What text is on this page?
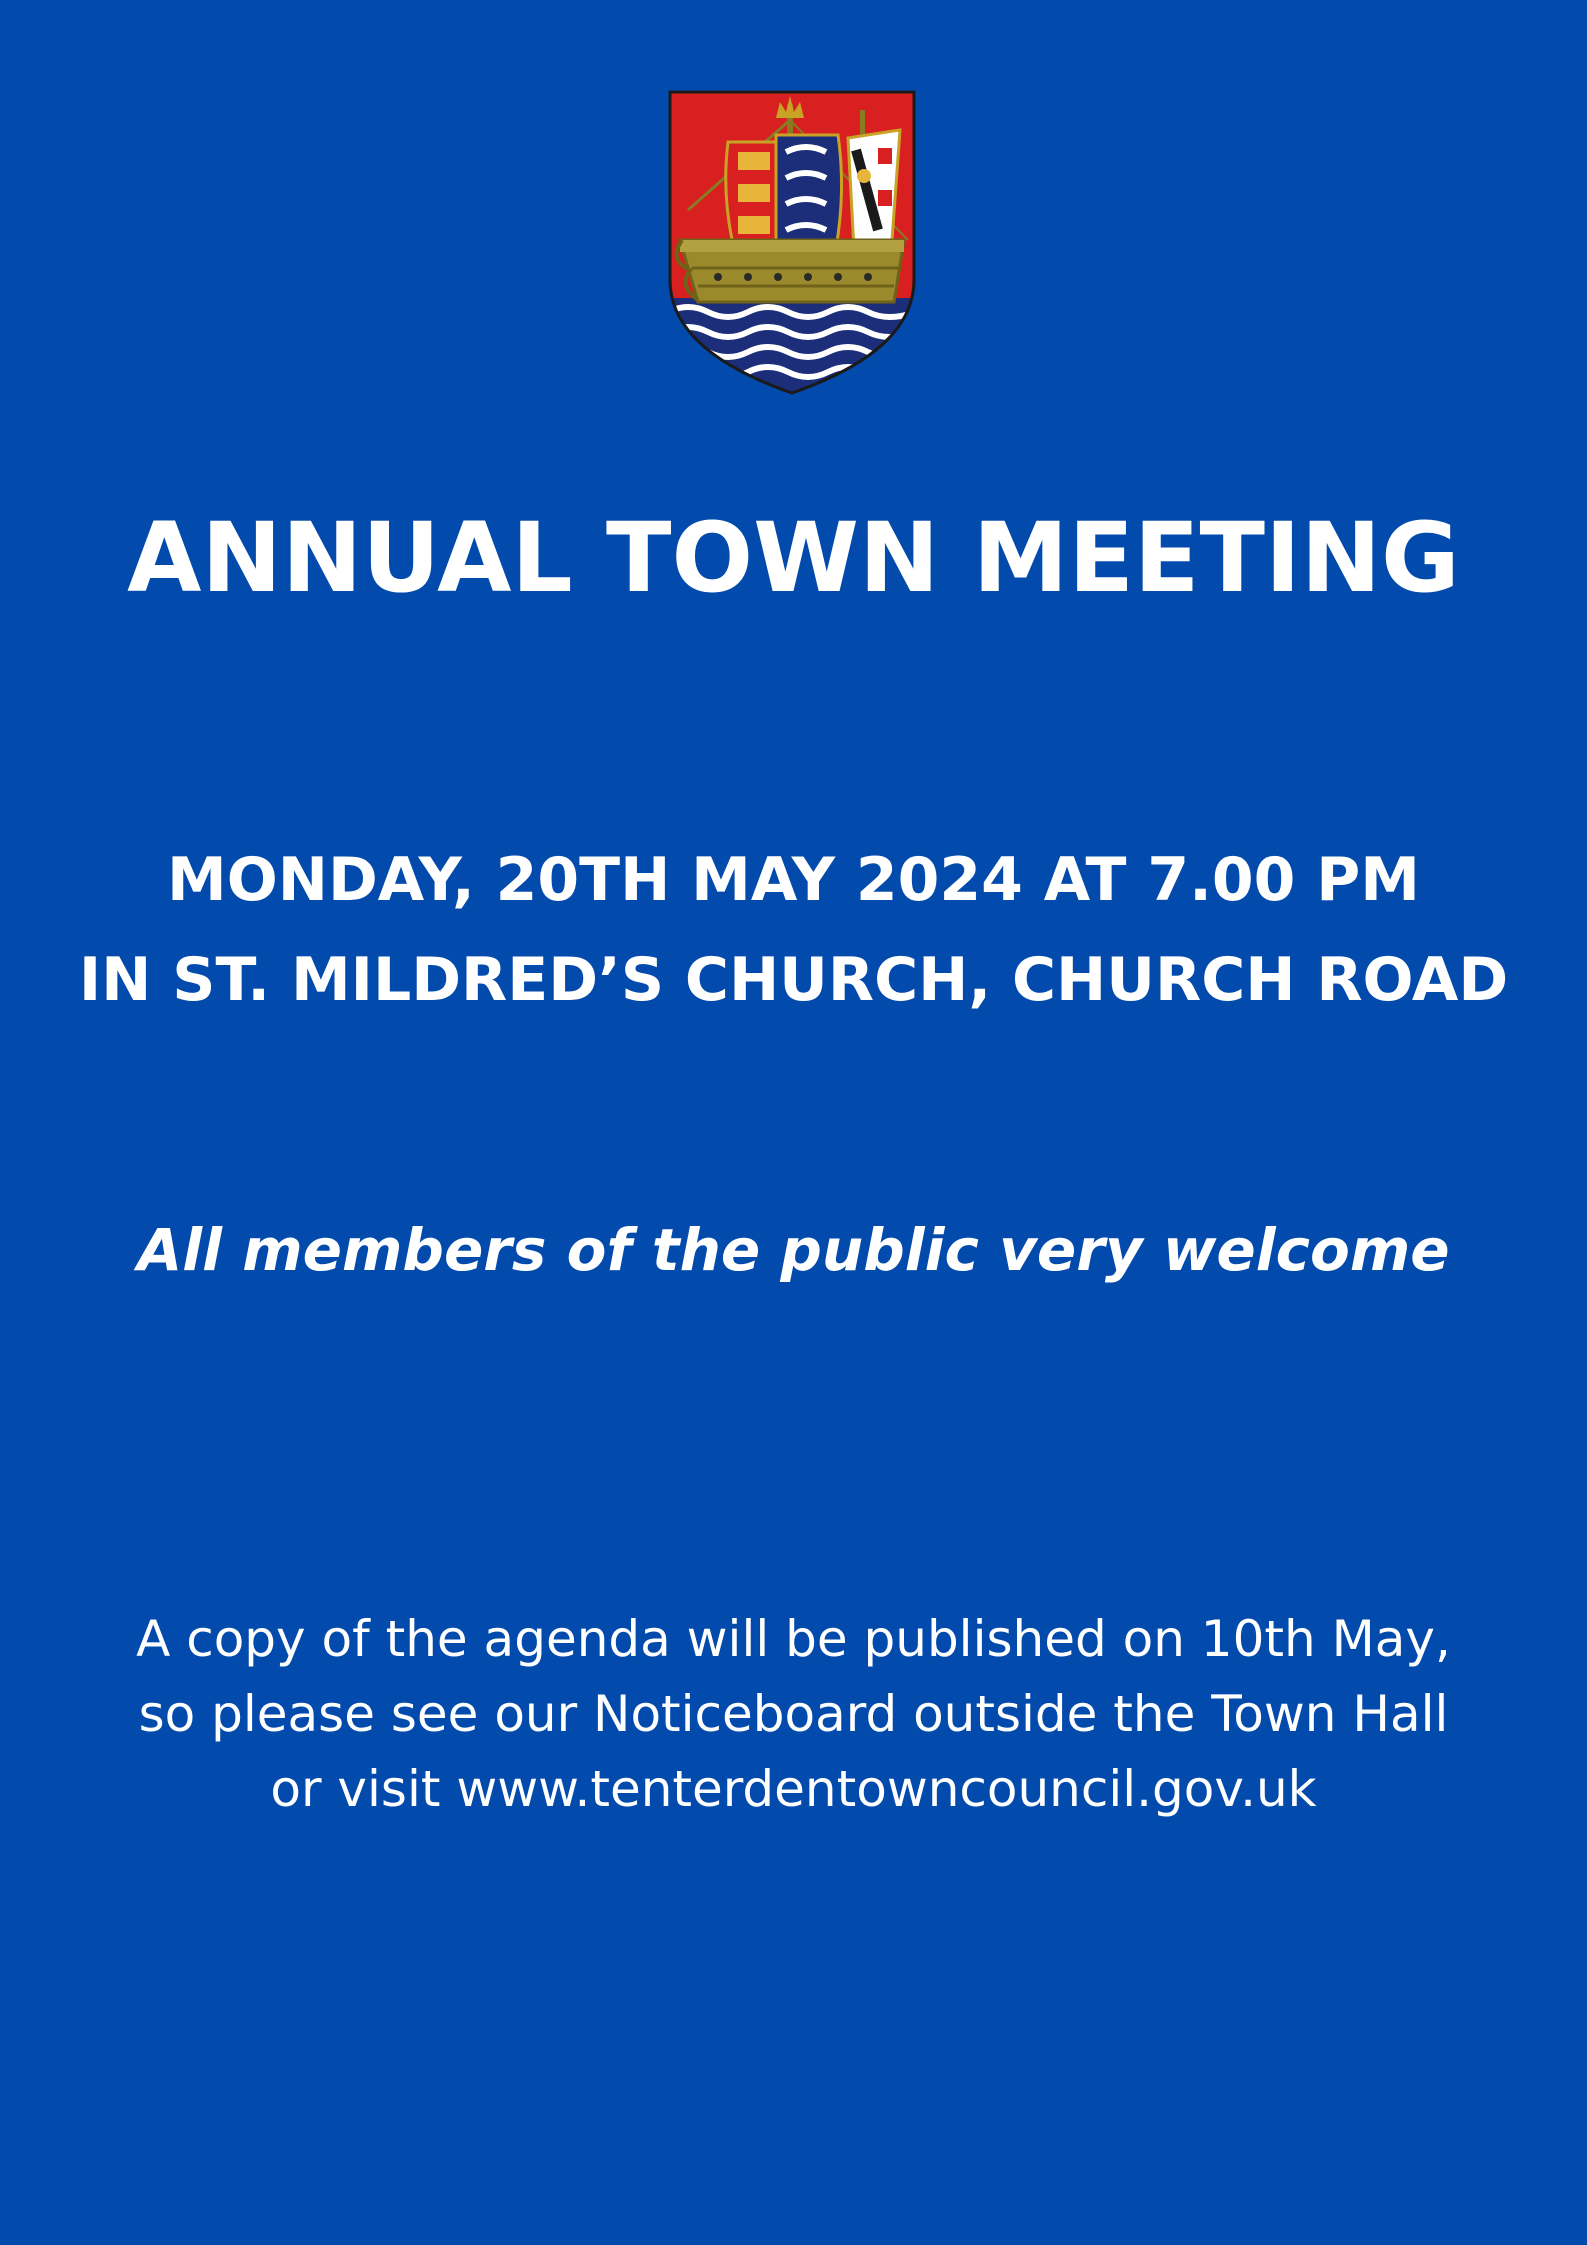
ANNUAL TOWN MEETING
MONDAY, 20TH MAY 2024 AT 7.00 PM
IN ST. MILDRED’S CHURCH, CHURCH ROAD
All members of the public very welcome
A copy of the agenda will be published on 10th May,
so please see our Noticeboard outside the Town Hall
or visit www.tenterdentowncouncil.gov.uk
